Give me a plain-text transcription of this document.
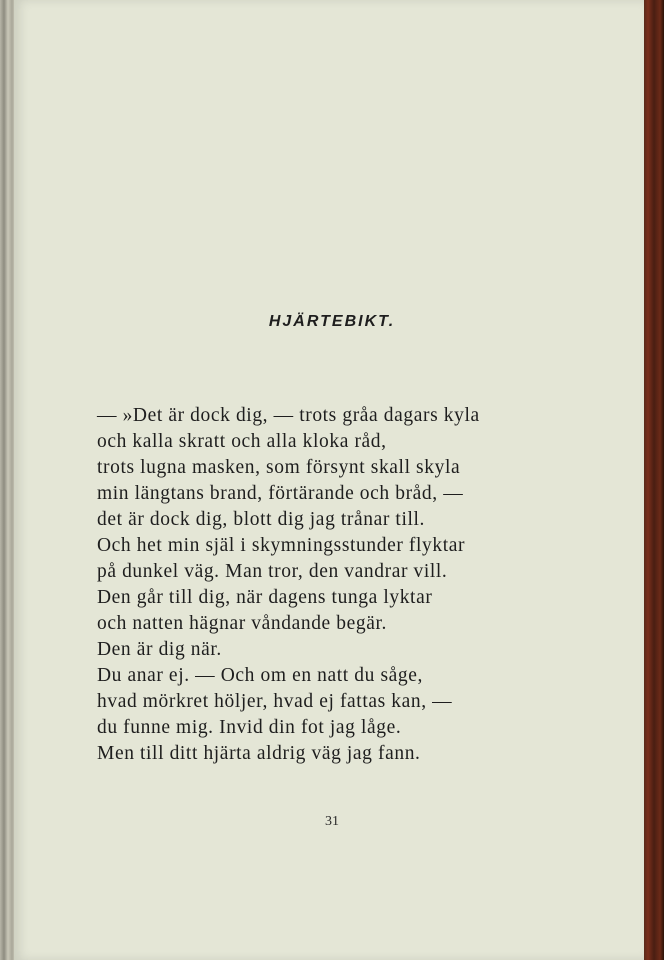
HJÄRTEBIKT.
— »Det är dock dig, — trots gråa dagars kyla
och kalla skratt och alla kloka råd,
trots lugna masken, som försynt skall skyla
min längtans brand, förtärande och bråd, —
det är dock dig, blott dig jag trånar till.
Och het min själ i skymningsstunder flyktar
på dunkel väg. Man tror, den vandrar vill.
Den går till dig, när dagens tunga lyktar
och natten hägnar våndande begär.
Den är dig när.
Du anar ej. — Och om en natt du såge,
hvad mörkret höljer, hvad ej fattas kan, —
du funne mig. Invid din fot jag låge.
Men till ditt hjärta aldrig väg jag fann.
31
